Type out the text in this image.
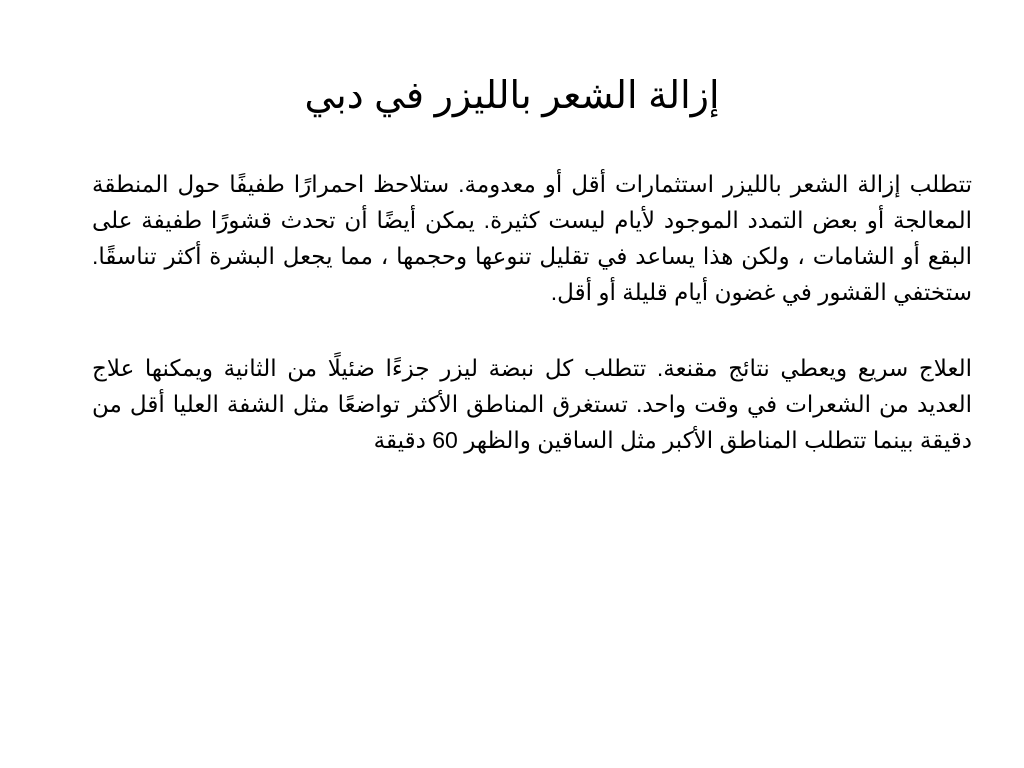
إزالة الشعر بالليزر في دبي

تتطلب إزالة الشعر بالليزر استثمارات أقل أو معدومة. ستلاحظ احمرارًا طفيفًا حول المنطقة المعالجة أو بعض التمدد الموجود لأيام ليست كثيرة. يمكن أيضًا أن تحدث قشورًا طفيفة على البقع أو الشامات ، ولكن هذا يساعد في تقليل تنوعها وحجمها ، مما يجعل البشرة أكثر تناسقًا. ستختفي القشور في غضون أيام قليلة أو أقل.

العلاج سريع ويعطي نتائج مقنعة. تتطلب كل نبضة ليزر جزءًا ضئيلًا من الثانية ويمكنها علاج العديد من الشعرات في وقت واحد. تستغرق المناطق الأكثر تواضعًا مثل الشفة العليا أقل من دقيقة بينما تتطلب المناطق الأكبر مثل الساقين والظهر 60 دقيقة
